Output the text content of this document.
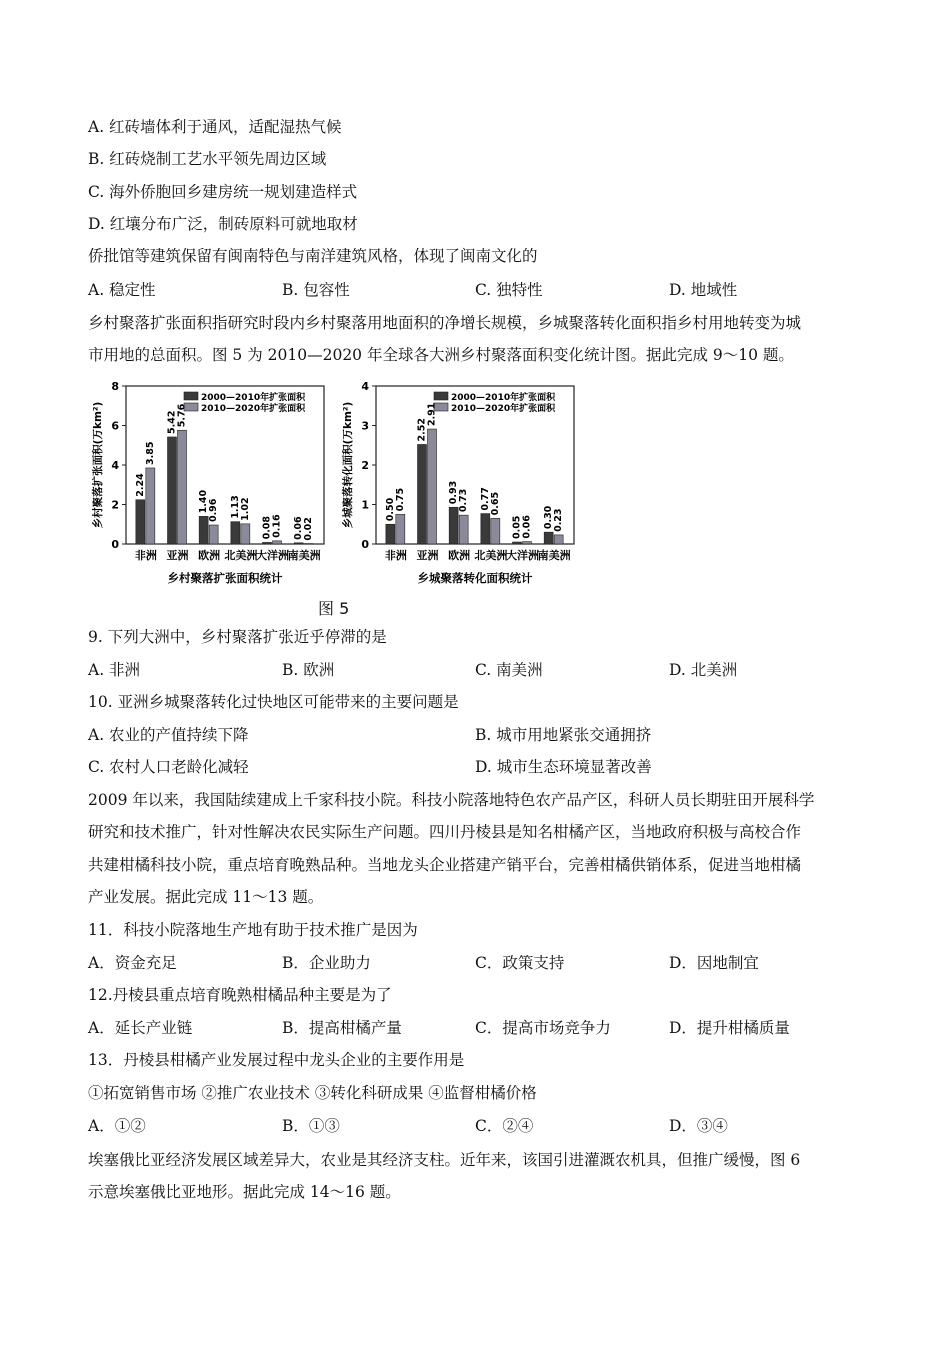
A. 红砖墙体利于通风，适配湿热气候
B. 红砖烧制工艺水平领先周边区域
C. 海外侨胞回乡建房统一规划建造样式
D. 红壤分布广泛，制砖原料可就地取材
侨批馆等建筑保留有闽南特色与南洋建筑风格，体现了闽南文化的
A. 稳定性	B. 包容性	C. 独特性	D. 地域性
乡村聚落扩张面积指研究时段内乡村聚落用地面积的净增长规模，乡城聚落转化面积指乡村用地转变为城
市用地的总面积。图 5 为 2010—2020 年全球各大洲乡村聚落面积变化统计图。据此完成 9～10 题。
0
2
4
6
8
乡村聚落扩张面积(万km²)
2000—2010年扩张面积
2010—2020年扩张面积
2.24
3.85
非洲
5.42 5.76
亚洲
1.40 0.96
欧洲
1.13 1.02
北美洲
0.08 0.16
大洋洲
0.06 0.02
南美洲
乡村聚落扩张面积统计
0
1
2
3
4
乡城聚落转化面积(万km²)
2000—2010年扩张面积
2010—2020年扩张面积
0.50 0.75
非洲
2.52
2.91
亚洲
0.93 0.73
欧洲
0.77 0.65
北美洲
0.05 0.06
大洋洲
0.30 0.23
南美洲
乡城聚落转化面积统计
图 5
9. 下列大洲中，乡村聚落扩张近乎停滞的是
A. 非洲	B. 欧洲	C. 南美洲	D. 北美洲
10. 亚洲乡城聚落转化过快地区可能带来的主要问题是
A. 农业的产值持续下降	B. 城市用地紧张交通拥挤
C. 农村人口老龄化减轻	D. 城市生态环境显著改善
2009 年以来，我国陆续建成上千家科技小院。科技小院落地特色农产品产区，科研人员长期驻田开展科学
研究和技术推广，针对性解决农民实际生产问题。四川丹棱县是知名柑橘产区，当地政府积极与高校合作
共建柑橘科技小院，重点培育晚熟品种。当地龙头企业搭建产销平台，完善柑橘供销体系，促进当地柑橘
产业发展。据此完成 11～13 题。
11．科技小院落地生产地有助于技术推广是因为
A．资金充足	B．企业助力	C．政策支持	D．因地制宜
12.丹棱县重点培育晚熟柑橘品种主要是为了
A．延长产业链	B．提高柑橘产量	C．提高市场竞争力	D．提升柑橘质量
13．丹棱县柑橘产业发展过程中龙头企业的主要作用是
①拓宽销售市场 ②推广农业技术 ③转化科研成果 ④监督柑橘价格
A．①②	B．①③	C．②④	D．③④
埃塞俄比亚经济发展区域差异大，农业是其经济支柱。近年来，该国引进灌溉农机具，但推广缓慢，图 6
示意埃塞俄比亚地形。据此完成 14～16 题。
